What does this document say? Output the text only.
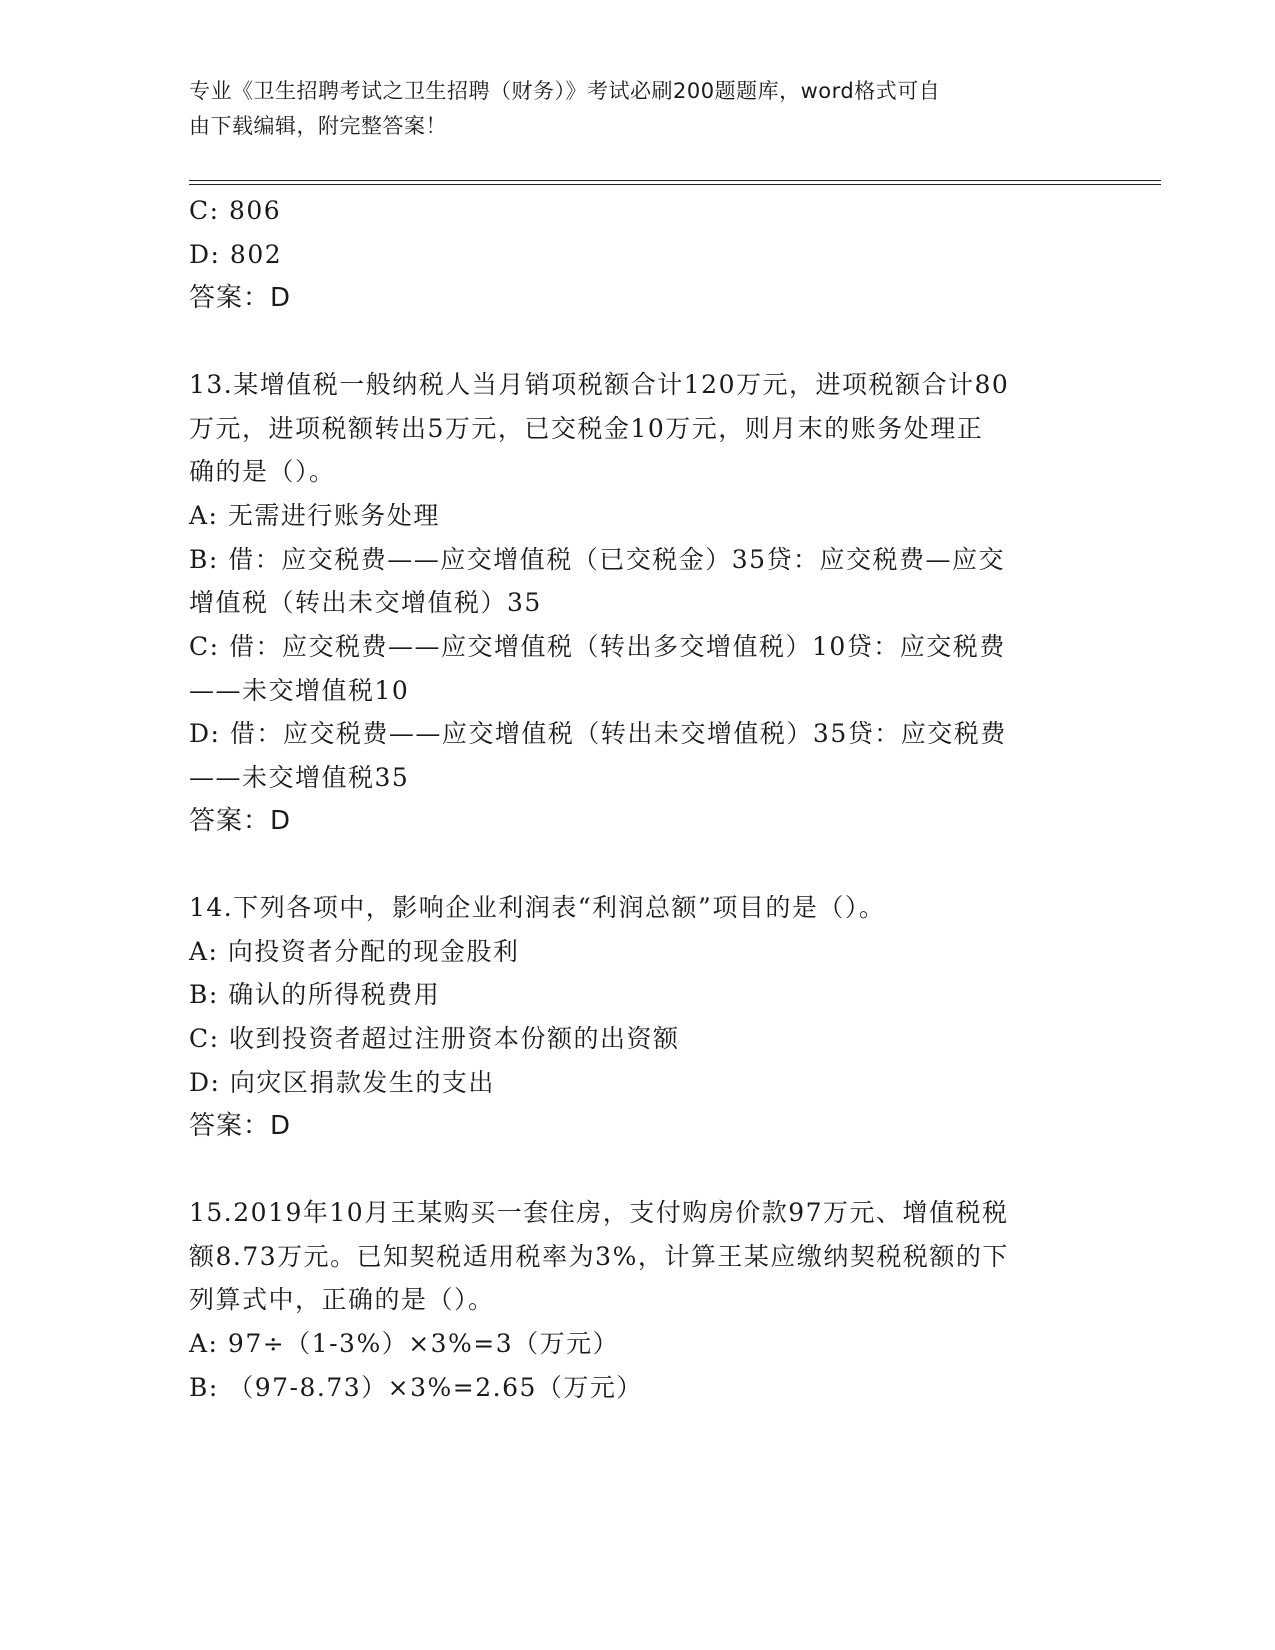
专业《卫生招聘考试之卫生招聘（财务）》考试必刷200题题库，word格式可自
由下载编辑，附完整答案！
C: 806
D: 802
答案：D
13.某增值税一般纳税人当月销项税额合计120万元，进项税额合计80
万元，进项税额转出5万元，已交税金10万元，则月末的账务处理正
确的是（）。
A: 无需进行账务处理
B: 借：应交税费——应交增值税（已交税金）35贷：应交税费—应交
增值税（转出未交增值税）35
C: 借：应交税费——应交增值税（转出多交增值税）10贷：应交税费
——未交增值税10
D: 借：应交税费——应交增值税（转出未交增值税）35贷：应交税费
——未交增值税35
答案：D
14.下列各项中，影响企业利润表“利润总额”项目的是（）。
A: 向投资者分配的现金股利
B: 确认的所得税费用
C: 收到投资者超过注册资本份额的出资额
D: 向灾区捐款发生的支出
答案：D
15.2019年10月王某购买一套住房，支付购房价款97万元、增值税税
额8.73万元。已知契税适用税率为3%，计算王某应缴纳契税税额的下
列算式中，正确的是（）。
A: 97÷（1-3%）×3%=3（万元）
B: （97-8.73）×3%=2.65（万元）
